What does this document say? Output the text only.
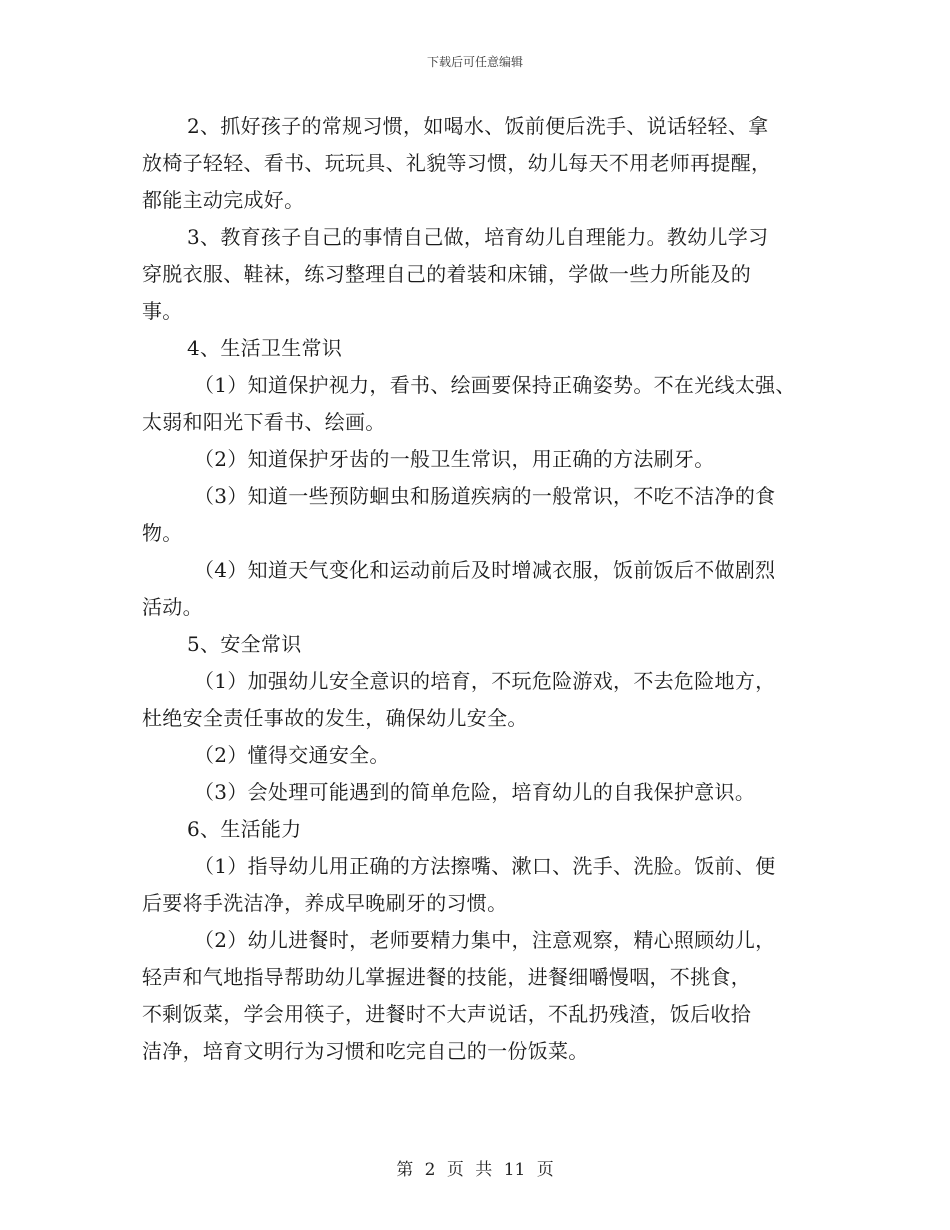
下载后可任意编辑
2、抓好孩子的常规习惯，如喝水、饭前便后洗手、说话轻轻、拿
放椅子轻轻、看书、玩玩具、礼貌等习惯，幼儿每天不用老师再提醒，
都能主动完成好。
3、教育孩子自己的事情自己做，培育幼儿自理能力。教幼儿学习
穿脱衣服、鞋袜，练习整理自己的着装和床铺，学做一些力所能及的
事。
4、生活卫生常识
（1）知道保护视力，看书、绘画要保持正确姿势。不在光线太强、
太弱和阳光下看书、绘画。
（2）知道保护牙齿的一般卫生常识，用正确的方法刷牙。
（3）知道一些预防蛔虫和肠道疾病的一般常识，不吃不洁净的食
物。
（4）知道天气变化和运动前后及时增减衣服，饭前饭后不做剧烈
活动。
5、安全常识
（1）加强幼儿安全意识的培育，不玩危险游戏，不去危险地方，
杜绝安全责任事故的发生，确保幼儿安全。
（2）懂得交通安全。
（3）会处理可能遇到的简单危险，培育幼儿的自我保护意识。
6、生活能力
（1）指导幼儿用正确的方法擦嘴、漱口、洗手、洗脸。饭前、便
后要将手洗洁净，养成早晚刷牙的习惯。
（2）幼儿进餐时，老师要精力集中，注意观察，精心照顾幼儿，
轻声和气地指导帮助幼儿掌握进餐的技能，进餐细嚼慢咽，不挑食，
不剩饭菜，学会用筷子，进餐时不大声说话，不乱扔残渣，饭后收拾
洁净，培育文明行为习惯和吃完自己的一份饭菜。
第 2 页 共 11 页
